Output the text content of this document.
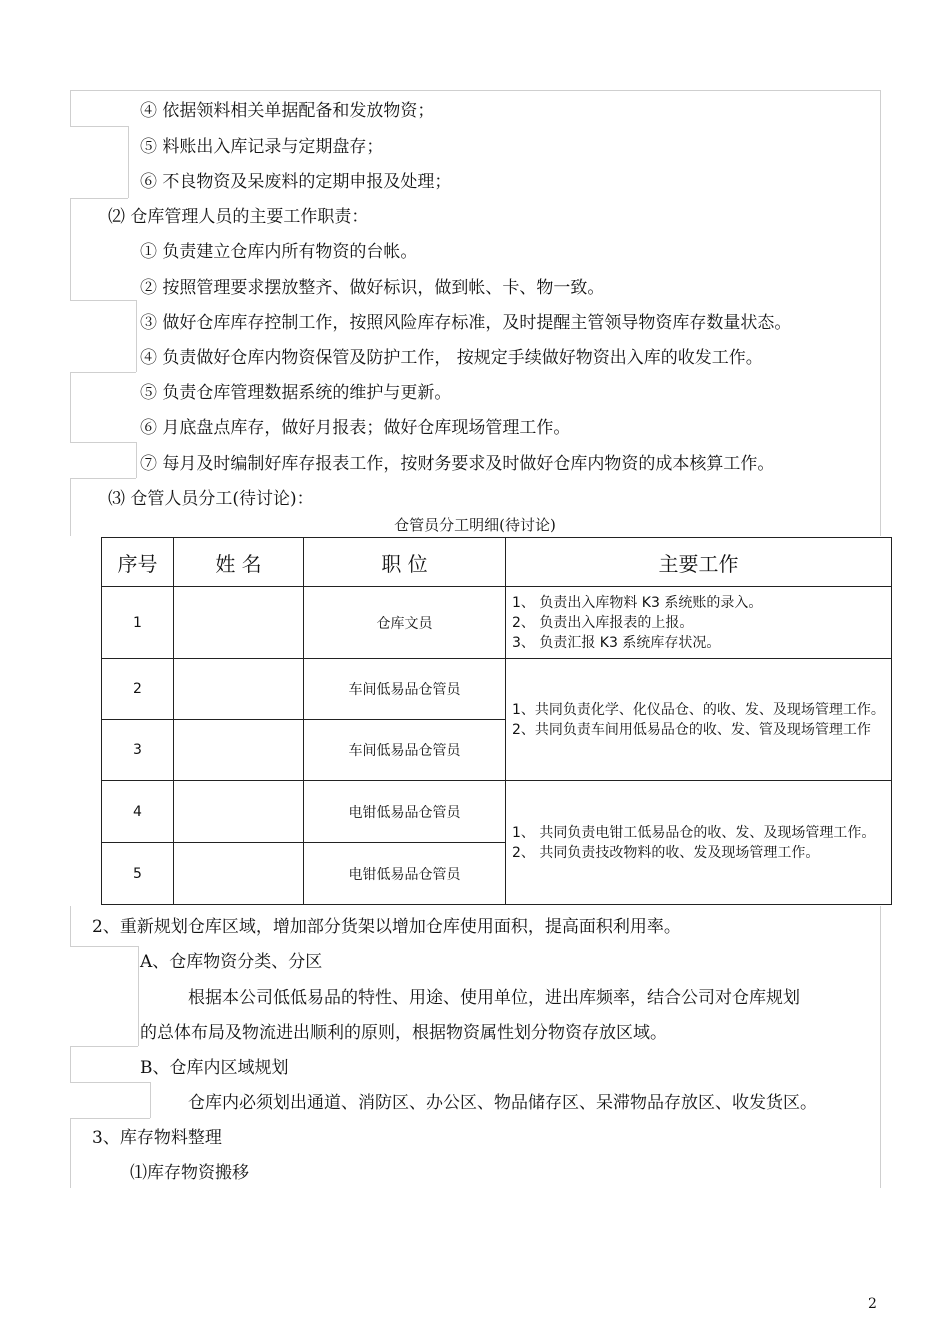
④ 依据领料相关单据配备和发放物资；
⑤ 料账出入库记录与定期盘存；
⑥ 不良物资及呆废料的定期申报及处理；
⑵ 仓库管理人员的主要工作职责：
① 负责建立仓库内所有物资的台帐。
② 按照管理要求摆放整齐、做好标识，做到帐、卡、物一致。
③ 做好仓库库存控制工作，按照风险库存标准，及时提醒主管领导物资库存数量状态。
④ 负责做好仓库内物资保管及防护工作， 按规定手续做好物资出入库的收发工作。
⑤ 负责仓库管理数据系统的维护与更新。
⑥ 月底盘点库存，做好月报表；做好仓库现场管理工作。
⑦ 每月及时编制好库存报表工作，按财务要求及时做好仓库内物资的成本核算工作。
⑶ 仓管人员分工(待讨论)：
仓管员分工明细(待讨论)
序号	姓 名	职 位	主要工作
1		仓库文员	1、 负责出入库物料 K3 系统账的录入。
2、 负责出入库报表的上报。
3、 负责汇报 K3 系统库存状况。

2		车间低易品仓管员	1、共同负责化学、化仪品仓、的收、发、及现场管理工作。
2、共同负责车间用低易品仓的收、发、管及现场管理工作

3		车间低易品仓管员	
4		电钳低易品仓管员	1、 共同负责电钳工低易品仓的收、发、及现场管理工作。
2、 共同负责技改物料的收、发及现场管理工作。

5		电钳低易品仓管员	
2、重新规划仓库区域，增加部分货架以增加仓库使用面积，提高面积利用率。
A、仓库物资分类、分区
根据本公司低低易品的特性、用途、使用单位，进出库频率，结合公司对仓库规划
的总体布局及物流进出顺利的原则，根据物资属性划分物资存放区域。
B、仓库内区域规划
仓库内必须划出通道、消防区、办公区、物品储存区、呆滞物品存放区、收发货区。
3、库存物料整理
⑴库存物资搬移
2
